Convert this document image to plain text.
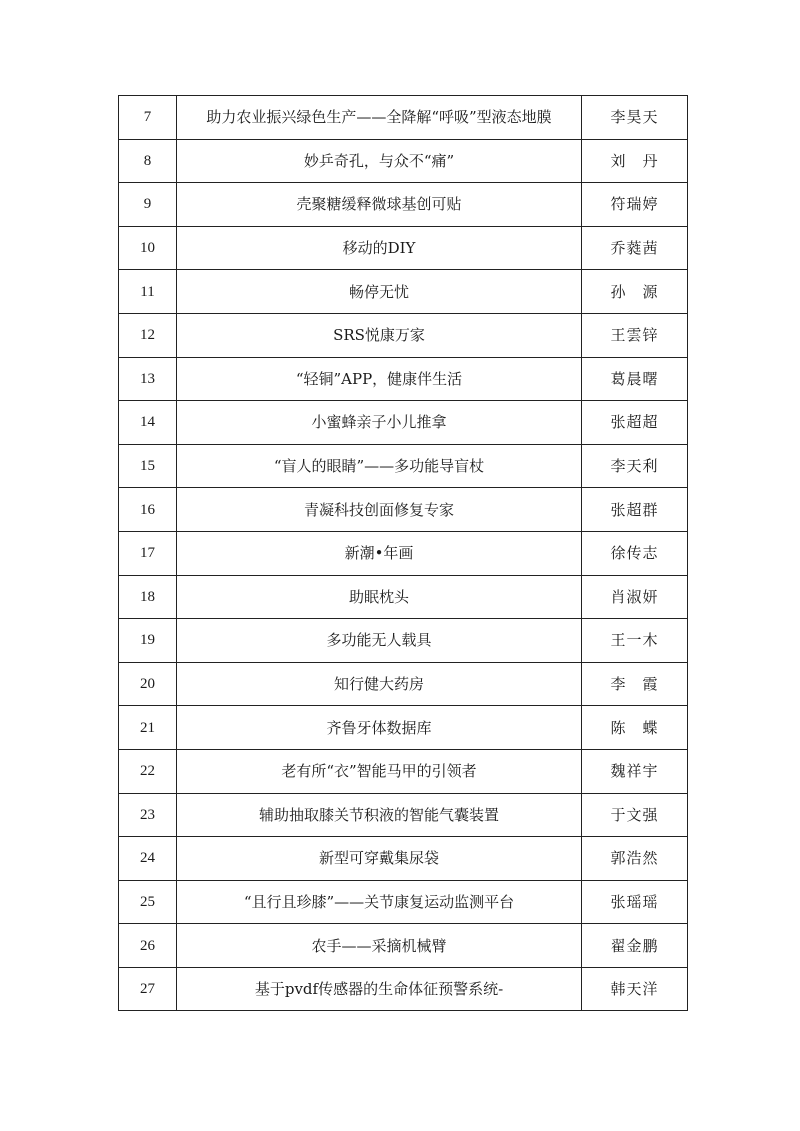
7	助力农业振兴绿色生产——全降解“呼吸”型液态地膜	李昊天
8	妙乒奇孔，与众不“痛”	刘　丹
9	壳聚糖缓释微球基创可贴	符瑞婷
10	移动的DIY	乔蕤茜
11	畅停无忧	孙　源
12	SRS悦康万家	王雲锌
13	“轻铜”APP，健康伴生活	葛晨曙
14	小蜜蜂亲子小儿推拿	张超超
15	“盲人的眼睛”——多功能导盲杖	李天利
16	青凝科技创面修复专家	张超群
17	新潮•年画	徐传志
18	助眠枕头	肖淑妍
19	多功能无人载具	王一木
20	知行健大药房	李　霞
21	齐鲁牙体数据库	陈　蝶
22	老有所“衣”智能马甲的引领者	魏祥宇
23	辅助抽取膝关节积液的智能气囊装置	于文强
24	新型可穿戴集尿袋	郭浩然
25	“且行且珍膝”——关节康复运动监测平台	张瑶瑶
26	农手——采摘机械臂	翟金鹏
27	基于pvdf传感器的生命体征预警系统-	韩天洋
